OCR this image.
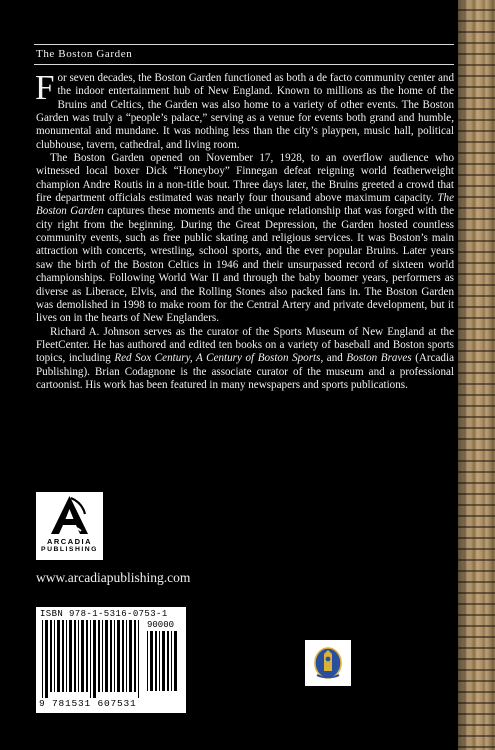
The Boston Garden

For seven decades, the Boston Garden functioned as both a de facto community center and the indoor entertainment hub of New England. Known to millions as the home of the Bruins and Celtics, the Garden was also home to a variety of other events. The Boston Garden was truly a “people’s palace,” serving as a venue for events both grand and humble, monumental and mundane. It was nothing less than the city’s playpen, music hall, political clubhouse, tavern, cathedral, and living room.

The Boston Garden opened on November 17, 1928, to an overflow audience who witnessed local boxer Dick “Honeyboy” Finnegan defeat reigning world featherweight champion Andre Routis in a non-title bout. Three days later, the Bruins greeted a crowd that fire department officials estimated was nearly four thousand above maximum capacity. The Boston Garden captures these moments and the unique relationship that was forged with the city right from the beginning. During the Great Depression, the Garden hosted countless community events, such as free public skating and religious services. It was Boston’s main attraction with concerts, wrestling, school sports, and the ever popular Bruins. Later years saw the birth of the Boston Celtics in 1946 and their unsurpassed record of sixteen world championships. Following World War II and through the baby boomer years, performers as diverse as Liberace, Elvis, and the Rolling Stones also packed fans in. The Boston Garden was demolished in 1998 to make room for the Central Artery and private development, but it lives on in the hearts of New Englanders.

Richard A. Johnson serves as the curator of the Sports Museum of New England at the FleetCenter. He has authored and edited ten books on a variety of baseball and Boston sports topics, including Red Sox Century, A Century of Boston Sports, and Boston Braves (Arcadia Publishing). Brian Codagnone is the associate curator of the museum and a professional cartoonist. His work has been featured in many newspapers and sports publications.

ARCADIA
PUBLISHING
www.arcadiapublishing.com
ISBN 978-1-5316-0753-1
90000
9 781531 607531
